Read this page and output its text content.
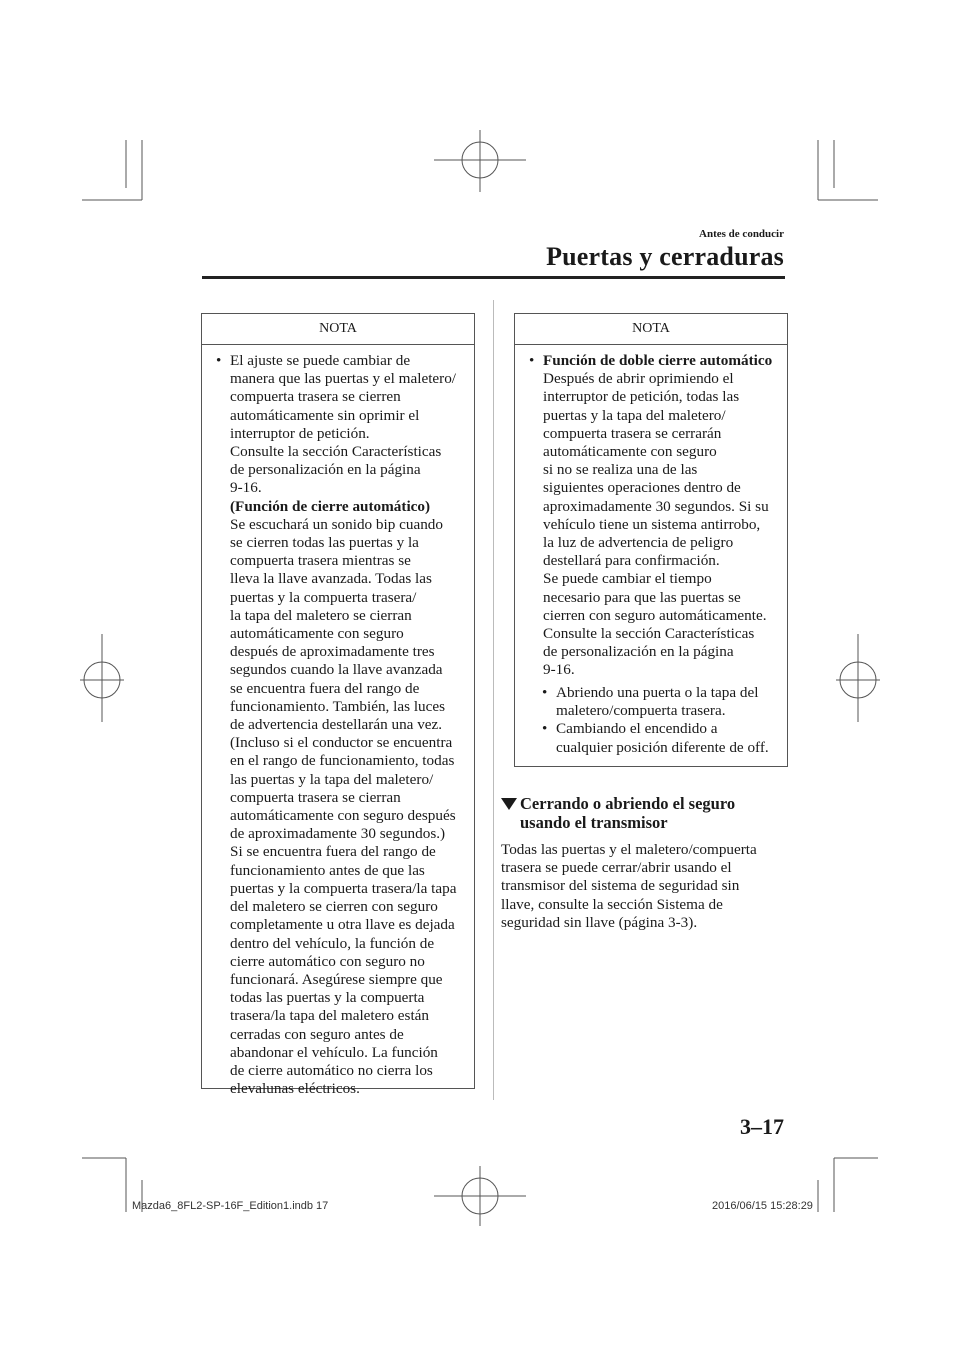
Antes de conducir
Puertas y cerraduras
NOTA
• El ajuste se puede cambiar de
manera que las puertas y el maletero/
compuerta trasera se cierren
automáticamente sin oprimir el
interruptor de petición.
Consulte la sección Características
de personalización en la página
9-16.
(Función de cierre automático)
Se escuchará un sonido bip cuando
se cierren todas las puertas y la
compuerta trasera mientras se
lleva la llave avanzada. Todas las
puertas y la compuerta trasera/
la tapa del maletero se cierran
automáticamente con seguro
después de aproximadamente tres
segundos cuando la llave avanzada
se encuentra fuera del rango de
funcionamiento. También, las luces
de advertencia destellarán una vez.
(Incluso si el conductor se encuentra
en el rango de funcionamiento, todas
las puertas y la tapa del maletero/
compuerta trasera se cierran
automáticamente con seguro después
de aproximadamente 30 segundos.)
Si se encuentra fuera del rango de
funcionamiento antes de que las
puertas y la compuerta trasera/la tapa
del maletero se cierren con seguro
completamente u otra llave es dejada
dentro del vehículo, la función de
cierre automático con seguro no
funcionará. Asegúrese siempre que
todas las puertas y la compuerta
trasera/la tapa del maletero están
cerradas con seguro antes de
abandonar el vehículo. La función
de cierre automático no cierra los
elevalunas eléctricos.
NOTA
• Función de doble cierre automático
Después de abrir oprimiendo el
interruptor de petición, todas las
puertas y la tapa del maletero/
compuerta trasera se cerrarán
automáticamente con seguro
si no se realiza una de las
siguientes operaciones dentro de
aproximadamente 30 segundos. Si su
vehículo tiene un sistema antirrobo,
la luz de advertencia de peligro
destellará para confirmación.
Se puede cambiar el tiempo
necesario para que las puertas se
cierren con seguro automáticamente.
Consulte la sección Características
de personalización en la página
9-16.
• Abriendo una puerta o la tapa del
maletero/compuerta trasera.
• Cambiando el encendido a
cualquier posición diferente de off.
Cerrando o abriendo el seguro
usando el transmisor
Todas las puertas y el maletero/compuerta
trasera se puede cerrar/abrir usando el
transmisor del sistema de seguridad sin
llave, consulte la sección Sistema de
seguridad sin llave (página 3-3).
3–17
Mazda6_8FL2-SP-16F_Edition1.indb 17	2016/06/15 15:28:29
